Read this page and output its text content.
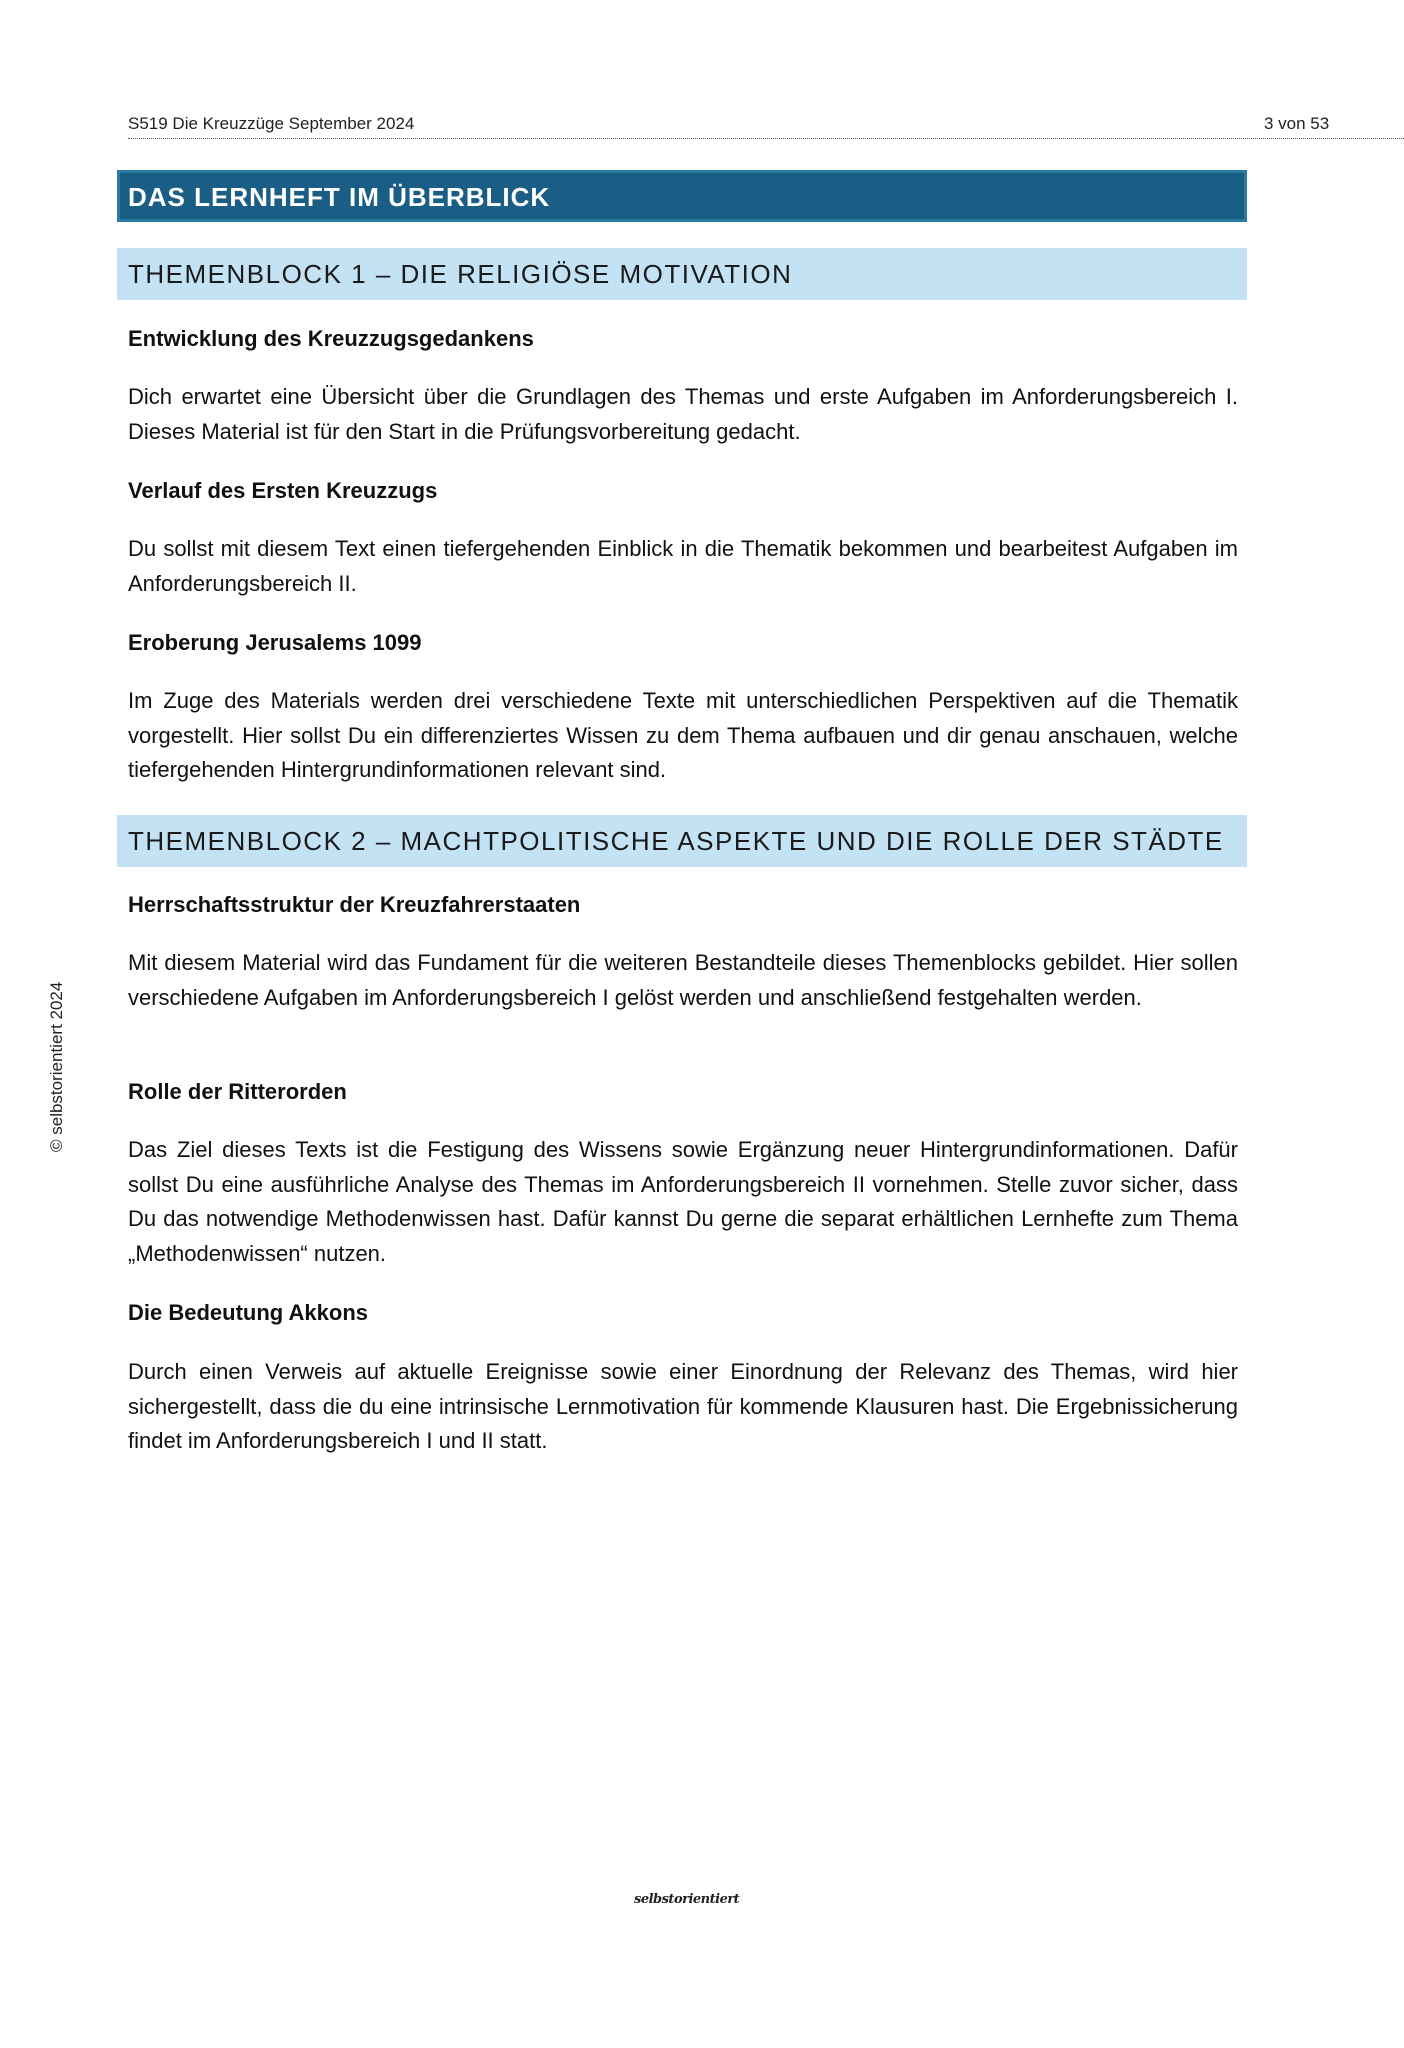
S519 Die Kreuzzüge September 2024	3 von 53
DAS LERNHEFT IM ÜBERBLICK
THEMENBLOCK 1 – DIE RELIGIÖSE MOTIVATION
Entwicklung des Kreuzzugsgedankens
Dich erwartet eine Übersicht über die Grundlagen des Themas und erste Aufgaben im Anforderungsbereich I. Dieses Material ist für den Start in die Prüfungsvorbereitung gedacht.
Verlauf des Ersten Kreuzzugs
Du sollst mit diesem Text einen tiefergehenden Einblick in die Thematik bekommen und bearbeitest Aufgaben im Anforderungsbereich II.
Eroberung Jerusalems 1099
Im Zuge des Materials werden drei verschiedene Texte mit unterschiedlichen Perspektiven auf die Thematik vorgestellt. Hier sollst Du ein differenziertes Wissen zu dem Thema aufbauen und dir genau anschauen, welche tiefergehenden Hintergrundinformationen relevant sind.
THEMENBLOCK 2 – MACHTPOLITISCHE ASPEKTE UND DIE ROLLE DER STÄDTE
Herrschaftsstruktur der Kreuzfahrerstaaten
Mit diesem Material wird das Fundament für die weiteren Bestandteile dieses Themenblocks gebildet. Hier sollen verschiedene Aufgaben im Anforderungsbereich I gelöst werden und anschließend festgehalten werden.
Rolle der Ritterorden
Das Ziel dieses Texts ist die Festigung des Wissens sowie Ergänzung neuer Hintergrundinformationen. Dafür sollst Du eine ausführliche Analyse des Themas im Anforderungsbereich II vornehmen. Stelle zuvor sicher, dass Du das notwendige Methodenwissen hast. Dafür kannst Du gerne die separat erhältlichen Lernhefte zum Thema „Methodenwissen“ nutzen.
Die Bedeutung Akkons
Durch einen Verweis auf aktuelle Ereignisse sowie einer Einordnung der Relevanz des Themas, wird hier sichergestellt, dass die du eine intrinsische Lernmotivation für kommende Klausuren hast. Die Ergebnissicherung findet im Anforderungsbereich I und II statt.
© selbstorientiert 2024
selbstorientiert
